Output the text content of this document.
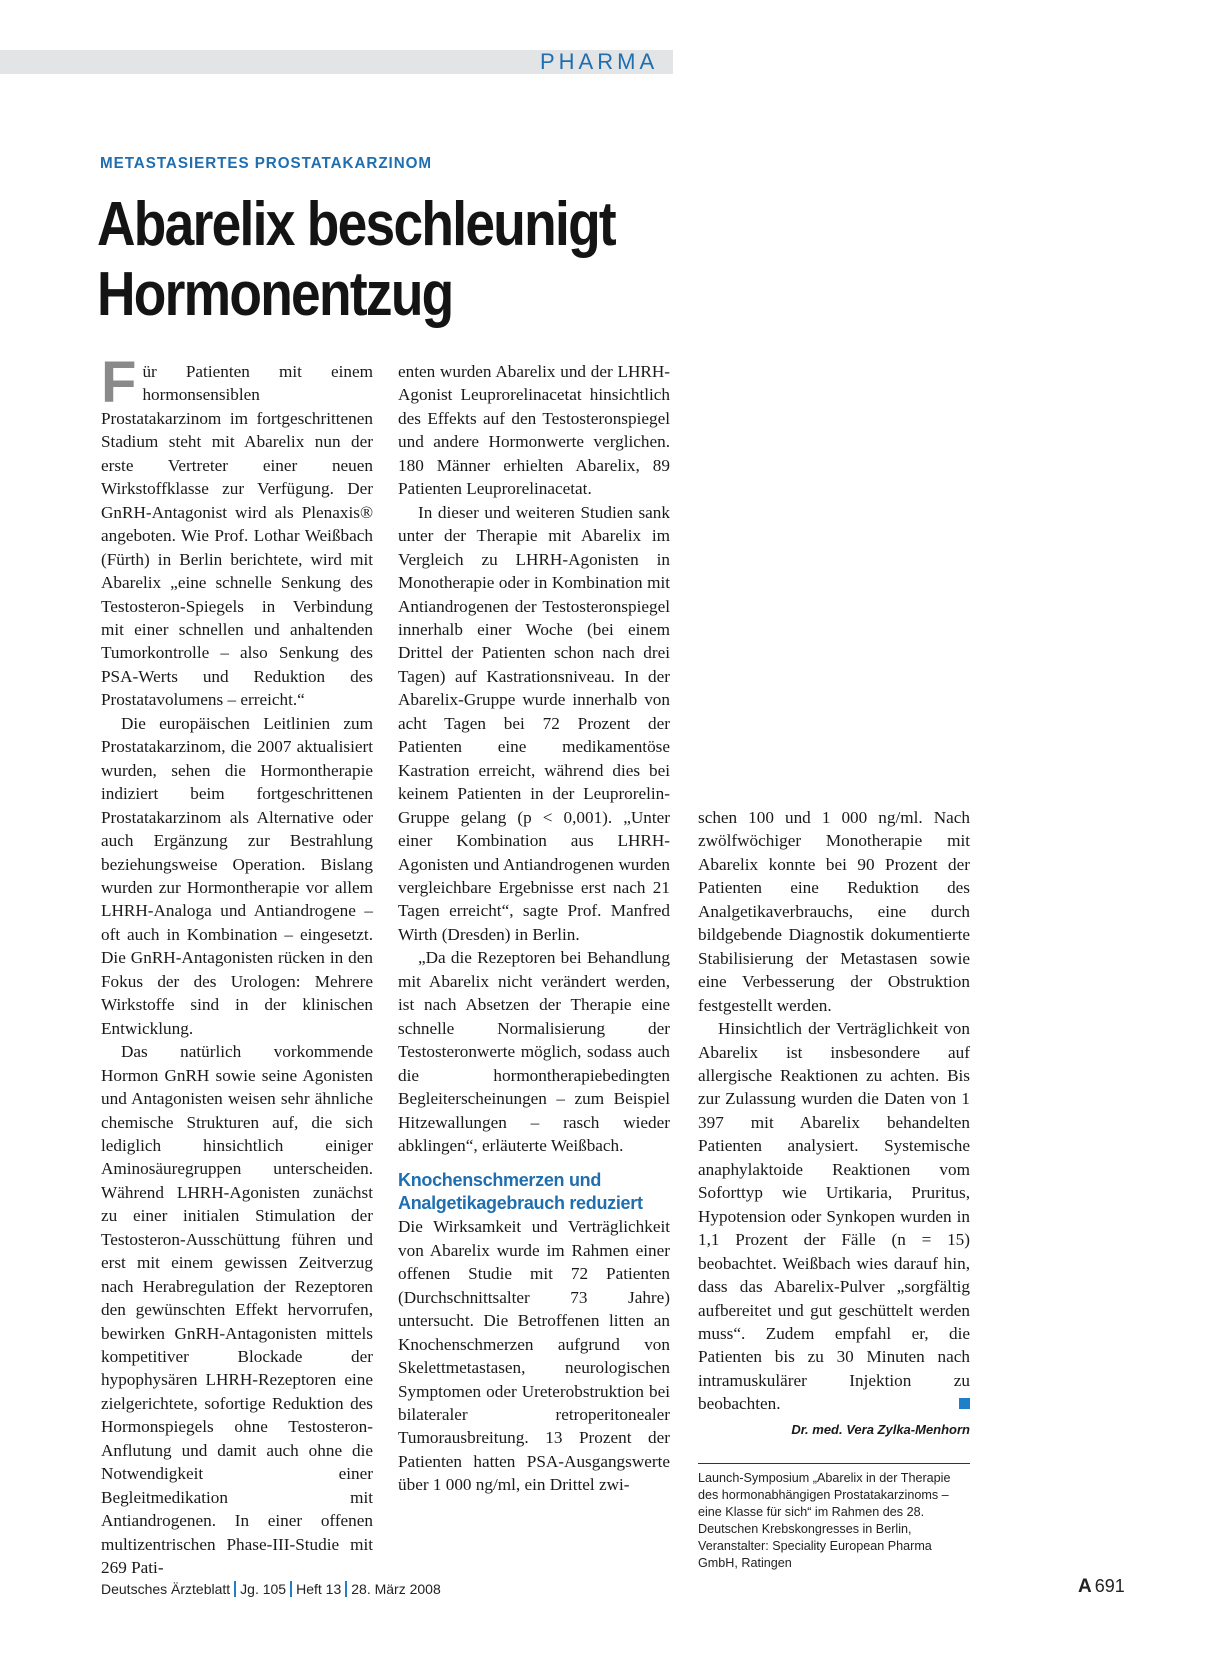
PHARMA
METASTASIERTES PROSTATAKARZINOM
Abarelix beschleunigt
Hormonentzug

Für Patienten mit einem hormonsensiblen Prostatakarzinom im fortgeschrittenen Stadium steht mit Abarelix nun der erste Vertreter einer neuen Wirkstoffklasse zur Verfügung. Der GnRH-Antagonist wird als Plenaxis® angeboten. Wie Prof. Lothar Weißbach (Fürth) in Berlin berichtete, wird mit Abarelix „eine schnelle Senkung des Testosteron-Spiegels in Verbindung mit einer schnellen und anhaltenden Tumorkontrolle – also Senkung des PSA-Werts und Reduktion des Prostatavolumens – erreicht.“

Die europäischen Leitlinien zum Prostatakarzinom, die 2007 aktualisiert wurden, sehen die Hormontherapie indiziert beim fortgeschrittenen Prostatakarzinom als Alternative oder auch Ergänzung zur Bestrahlung beziehungsweise Operation. Bislang wurden zur Hormontherapie vor allem LHRH-Analoga und Antiandrogene – oft auch in Kombination – eingesetzt. Die GnRH-Antagonisten rücken in den Fokus der des Urologen: Mehrere Wirkstoffe sind in der klinischen Entwicklung.

Das natürlich vorkommende Hormon GnRH sowie seine Agonisten und Antagonisten weisen sehr ähnliche chemische Strukturen auf, die sich lediglich hinsichtlich einiger Aminosäuregruppen unterscheiden. Während LHRH-Agonisten zunächst zu einer initialen Stimulation der Testosteron-Ausschüttung führen und erst mit einem gewissen Zeitverzug nach Herabregulation der Rezeptoren den gewünschten Effekt hervorrufen, bewirken GnRH-Antagonisten mittels kompetitiver Blockade der hypophysären LHRH-Rezeptoren eine zielgerichtete, sofortige Reduktion des Hormonspiegels ohne Testosteron-Anflutung und damit auch ohne die Notwendigkeit einer Begleitmedikation mit Antiandrogenen. In einer offenen multizentrischen Phase-III-Studie mit 269 Pati-

enten wurden Abarelix und der LHRH-Agonist Leuprorelinacetat hinsichtlich des Effekts auf den Testosteronspiegel und andere Hormonwerte verglichen. 180 Männer erhielten Abarelix, 89 Patienten Leuprorelinacetat.

In dieser und weiteren Studien sank unter der Therapie mit Abarelix im Vergleich zu LHRH-Agonisten in Monotherapie oder in Kombination mit Antiandrogenen der Testosteronspiegel innerhalb einer Woche (bei einem Drittel der Patienten schon nach drei Tagen) auf Kastrationsniveau. In der Abarelix-Gruppe wurde innerhalb von acht Tagen bei 72 Prozent der Patienten eine medikamentöse Kastration erreicht, während dies bei keinem Patienten in der Leuprorelin-Gruppe gelang (p < 0,001). „Unter einer Kombination aus LHRH-Agonisten und Antiandrogenen wurden vergleichbare Ergebnisse erst nach 21 Tagen erreicht“, sagte Prof. Manfred Wirth (Dresden) in Berlin.

„Da die Rezeptoren bei Behandlung mit Abarelix nicht verändert werden, ist nach Absetzen der Therapie eine schnelle Normalisierung der Testosteronwerte möglich, sodass auch die hormontherapiebedingten Begleiterscheinungen – zum Beispiel Hitzewallungen – rasch wieder abklingen“, erläuterte Weißbach.

Knochenschmerzen und Analgetikagebrauch reduziert

Die Wirksamkeit und Verträglichkeit von Abarelix wurde im Rahmen einer offenen Studie mit 72 Patienten (Durchschnittsalter 73 Jahre) untersucht. Die Betroffenen litten an Knochenschmerzen aufgrund von Skelettmetastasen, neurologischen Symptomen oder Ureterobstruktion bei bilateraler retroperitonealer Tumorausbreitung. 13 Prozent der Patienten hatten PSA-Ausgangswerte über 1 000 ng/ml, ein Drittel zwi-

schen 100 und 1 000 ng/ml. Nach zwölfwöchiger Monotherapie mit Abarelix konnte bei 90 Prozent der Patienten eine Reduktion des Analgetikaverbrauchs, eine durch bildgebende Diagnostik dokumentierte Stabilisierung der Metastasen sowie eine Verbesserung der Obstruktion festgestellt werden.

Hinsichtlich der Verträglichkeit von Abarelix ist insbesondere auf allergische Reaktionen zu achten. Bis zur Zulassung wurden die Daten von 1 397 mit Abarelix behandelten Patienten analysiert. Systemische anaphylaktoide Reaktionen vom Soforttyp wie Urtikaria, Pruritus, Hypotension oder Synkopen wurden in 1,1 Prozent der Fälle (n = 15) beobachtet. Weißbach wies darauf hin, dass das Abarelix-Pulver „sorgfältig aufbereitet und gut geschüttelt werden muss“. Zudem empfahl er, die Patienten bis zu 30 Minuten nach intramuskulärer Injektion zu beobachten.

Dr. med. Vera Zylka-Menhorn
Launch-Symposium „Abarelix in der Therapie des hormonabhängigen Prostatakarzinoms – eine Klasse für sich“ im Rahmen des 28. Deutschen Krebskongresses in Berlin, Veranstalter: Speciality European Pharma GmbH, Ratingen
Deutsches Ärzteblatt Jg. 105 Heft 13 28. März 2008	A 691
